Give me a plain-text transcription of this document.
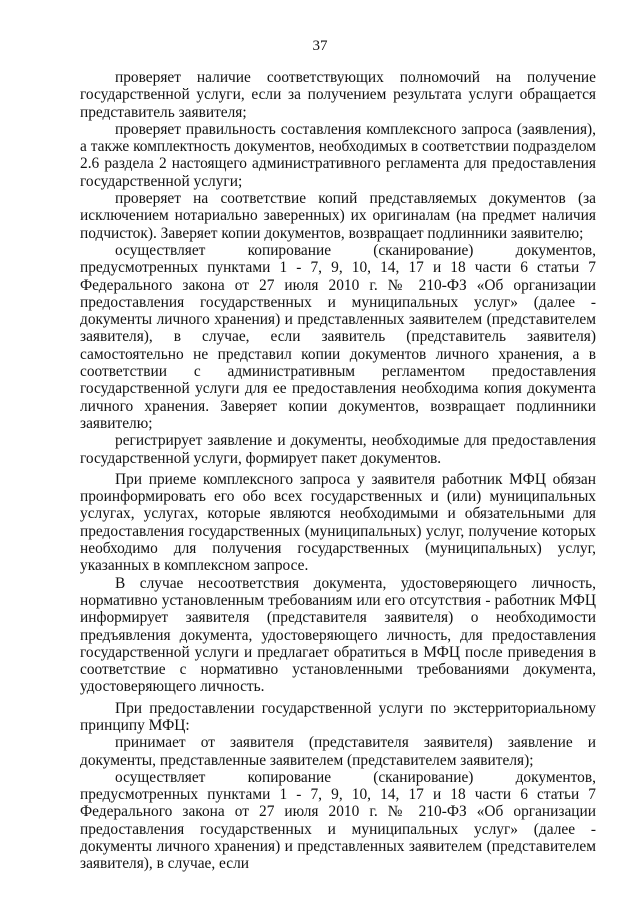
37

проверяет наличие соответствующих полномочий на получение государственной услуги, если за получением результата услуги обращается представитель заявителя;

проверяет правильность составления комплексного запроса (заявления), а также комплектность документов, необходимых в соответствии подразделом 2.6 раздела 2 настоящего административного регламента для предоставления государственной услуги;

проверяет на соответствие копий представляемых документов (за исключением нотариально заверенных) их оригиналам (на предмет наличия подчисток). Заверяет копии документов, возвращает подлинники заявителю;

осуществляет копирование (сканирование) документов, предусмотренных пунктами 1 - 7, 9, 10, 14, 17 и 18 части 6 статьи 7 Федерального закона от 27 июля 2010 г. № 210-ФЗ «Об организации предоставления государственных и муниципальных услуг» (далее - документы личного хранения) и представленных заявителем (представителем заявителя), в случае, если заявитель (представитель заявителя) самостоятельно не представил копии документов личного хранения, а в соответствии с административным регламентом предоставления государственной услуги для ее предоставления необходима копия документа личного хранения. Заверяет копии документов, возвращает подлинники заявителю;

регистрирует заявление и документы, необходимые для предоставления государственной услуги, формирует пакет документов.

При приеме комплексного запроса у заявителя работник МФЦ обязан проинформировать его обо всех государственных и (или) муниципальных услугах, услугах, которые являются необходимыми и обязательными для предоставления государственных (муниципальных) услуг, получение которых необходимо для получения государственных (муниципальных) услуг, указанных в комплексном запросе.

В случае несоответствия документа, удостоверяющего личность, нормативно установленным требованиям или его отсутствия - работник МФЦ информирует заявителя (представителя заявителя) о необходимости предъявления документа, удостоверяющего личность, для предоставления государственной услуги и предлагает обратиться в МФЦ после приведения в соответствие с нормативно установленными требованиями документа, удостоверяющего личность.

При предоставлении государственной услуги по экстерриториальному принципу МФЦ:

принимает от заявителя (представителя заявителя) заявление и документы, представленные заявителем (представителем заявителя);

осуществляет копирование (сканирование) документов, предусмотренных пунктами 1 - 7, 9, 10, 14, 17 и 18 части 6 статьи 7 Федерального закона от 27 июля 2010 г. № 210-ФЗ «Об организации предоставления государственных и муниципальных услуг» (далее - документы личного хранения) и представленных заявителем (представителем заявителя), в случае, если
